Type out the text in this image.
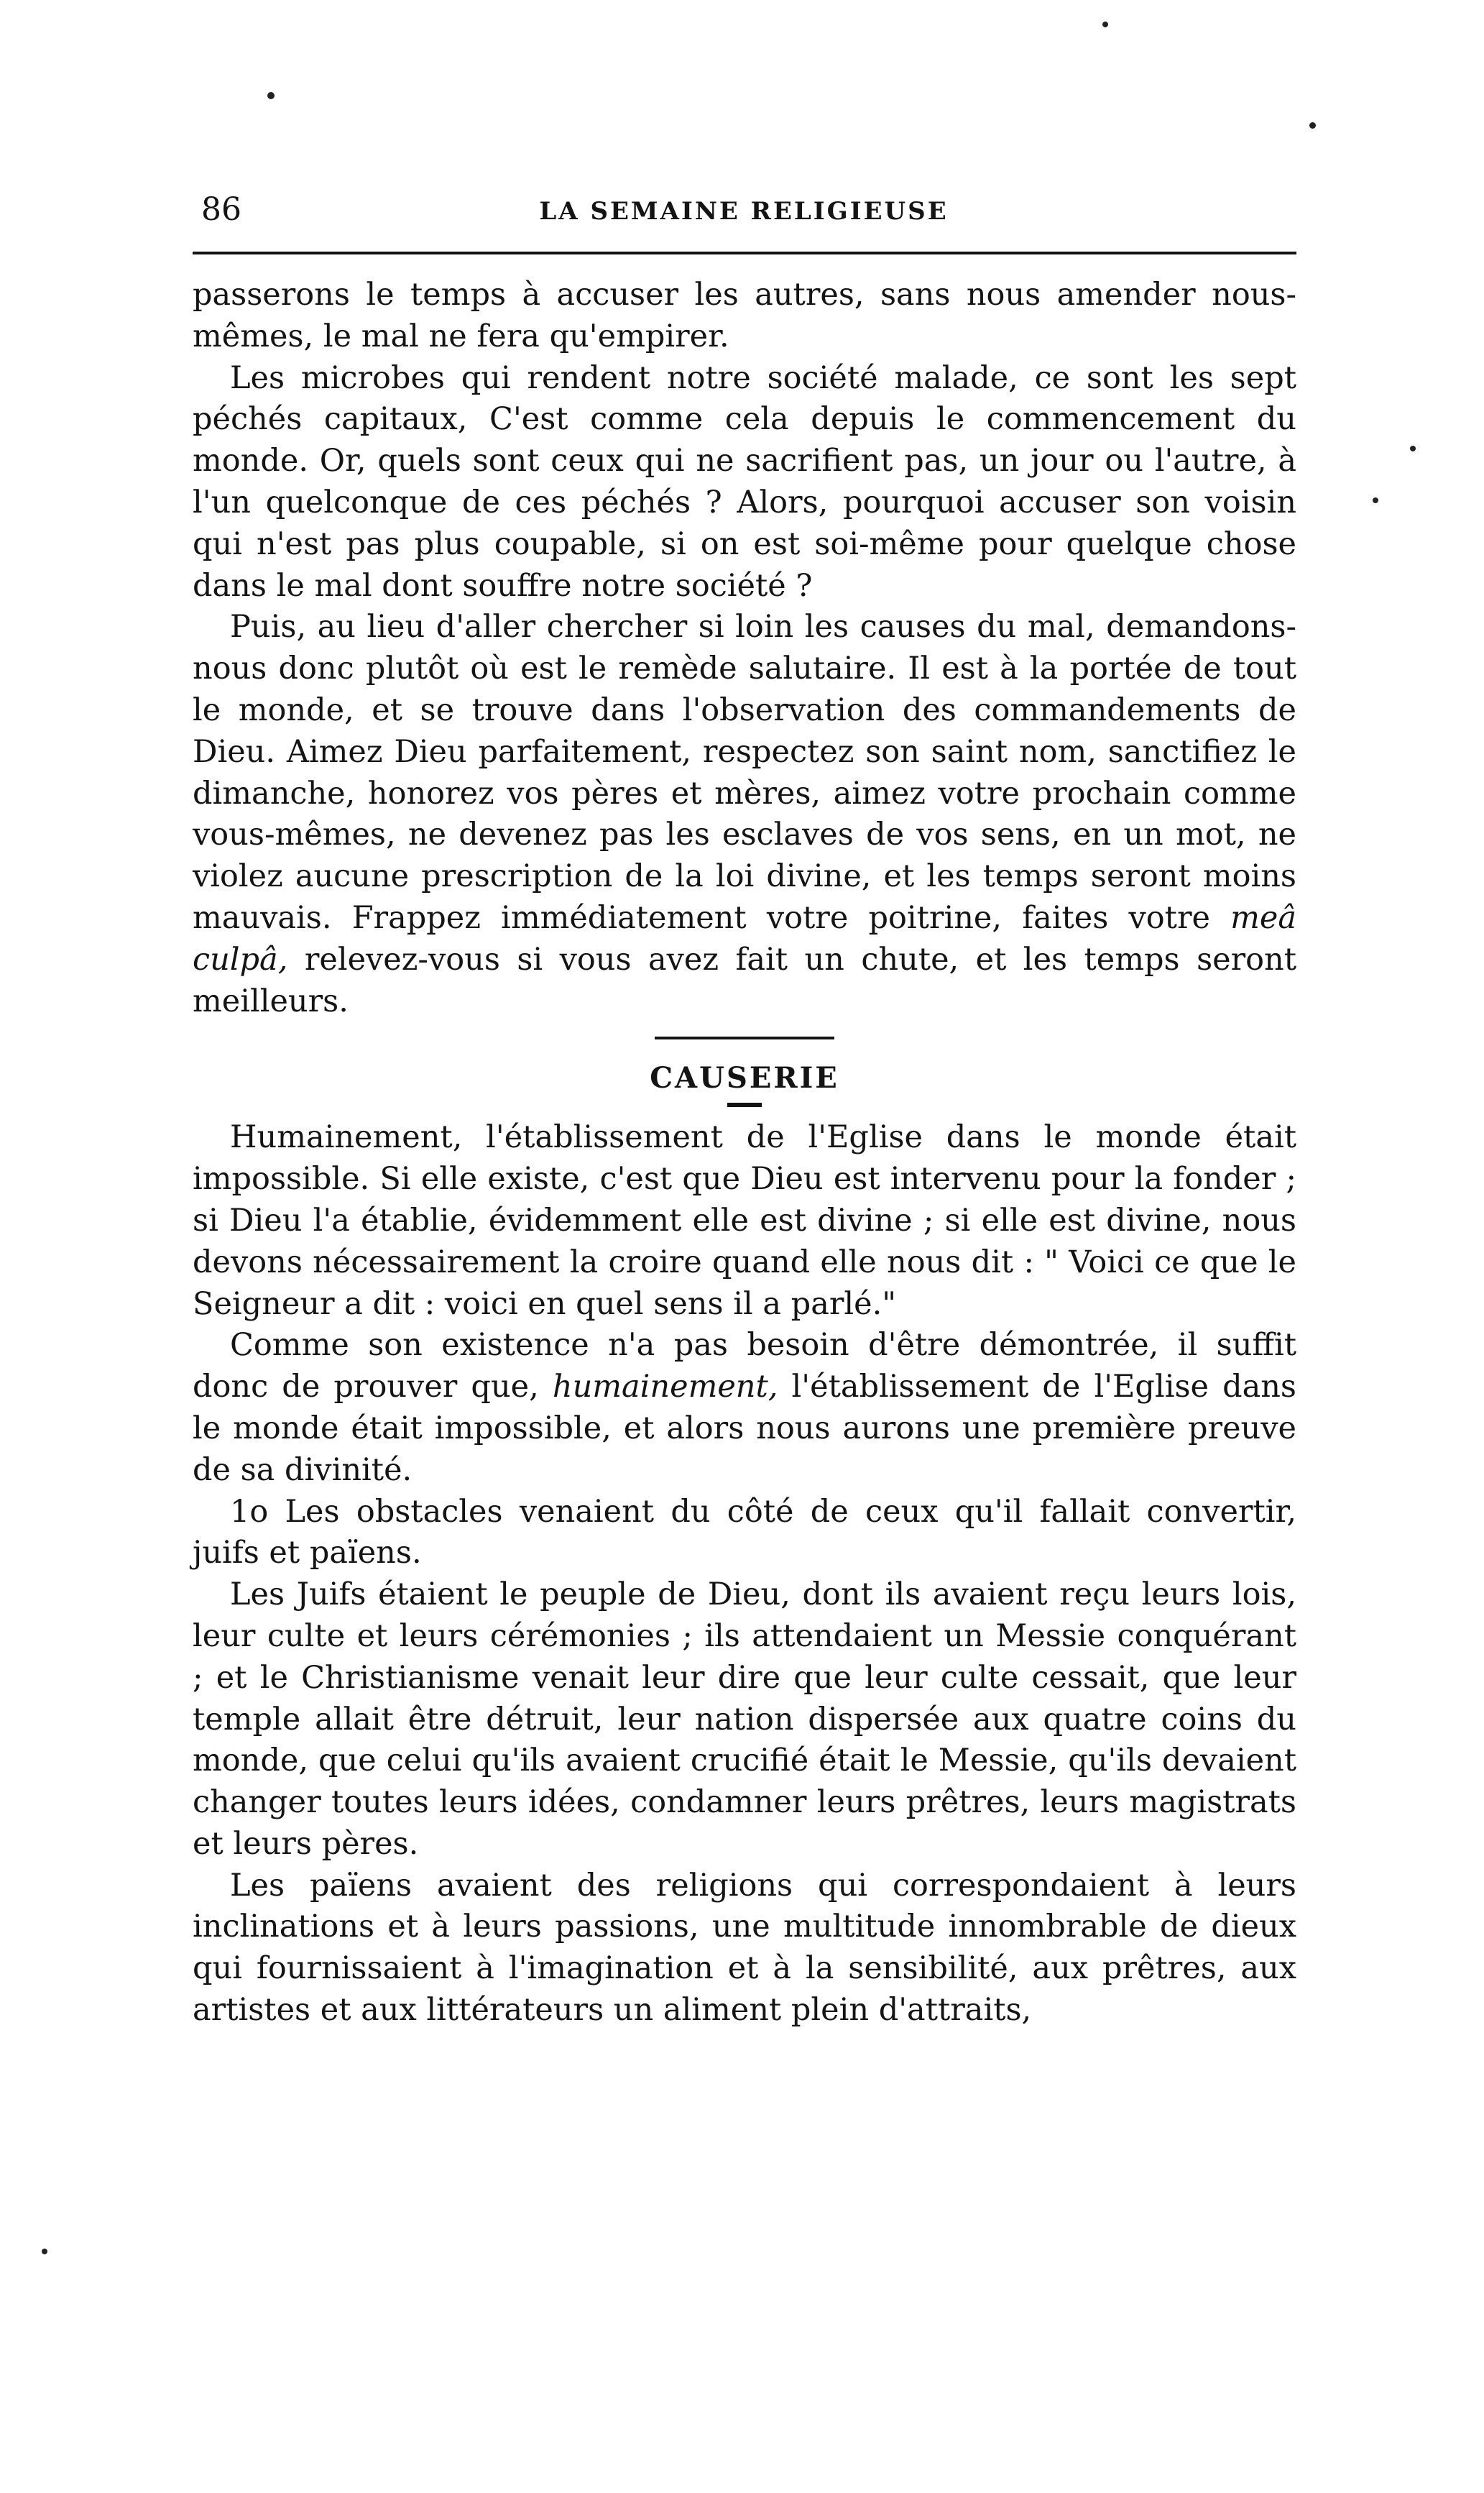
86	LA SEMAINE RELIGIEUSE

passerons le temps à accuser les autres, sans nous amender nous-mêmes, le mal ne fera qu'empirer.

Les microbes qui rendent notre société malade, ce sont les sept péchés capitaux, C'est comme cela depuis le commencement du monde. Or, quels sont ceux qui ne sacrifient pas, un jour ou l'autre, à l'un quelconque de ces péchés ? Alors, pourquoi accuser son voisin qui n'est pas plus coupable, si on est soi-même pour quelque chose dans le mal dont souffre notre société ?

Puis, au lieu d'aller chercher si loin les causes du mal, demandons-nous donc plutôt où est le remède salutaire. Il est à la portée de tout le monde, et se trouve dans l'observation des commandements de Dieu. Aimez Dieu parfaitement, respectez son saint nom, sanctifiez le dimanche, honorez vos pères et mères, aimez votre prochain comme vous-mêmes, ne devenez pas les esclaves de vos sens, en un mot, ne violez aucune prescription de la loi divine, et les temps seront moins mauvais. Frappez immédiatement votre poitrine, faites votre meâ culpâ, relevez-vous si vous avez fait un chute, et les temps seront meilleurs.

CAUSERIE

Humainement, l'établissement de l'Eglise dans le monde était impossible. Si elle existe, c'est que Dieu est intervenu pour la fonder ; si Dieu l'a établie, évidemment elle est divine ; si elle est divine, nous devons nécessairement la croire quand elle nous dit : " Voici ce que le Seigneur a dit : voici en quel sens il a parlé."

Comme son existence n'a pas besoin d'être démontrée, il suffit donc de prouver que, humainement, l'établissement de l'Eglise dans le monde était impossible, et alors nous aurons une première preuve de sa divinité.

1o Les obstacles venaient du côté de ceux qu'il fallait convertir, juifs et païens.

Les Juifs étaient le peuple de Dieu, dont ils avaient reçu leurs lois, leur culte et leurs cérémonies ; ils attendaient un Messie conquérant ; et le Christianisme venait leur dire que leur culte cessait, que leur temple allait être détruit, leur nation dispersée aux quatre coins du monde, que celui qu'ils avaient crucifié était le Messie, qu'ils devaient changer toutes leurs idées, condamner leurs prêtres, leurs magistrats et leurs pères.

Les païens avaient des religions qui correspondaient à leurs inclinations et à leurs passions, une multitude innombrable de dieux qui fournissaient à l'imagination et à la sensibilité, aux prêtres, aux artistes et aux littérateurs un aliment plein d'attraits,
